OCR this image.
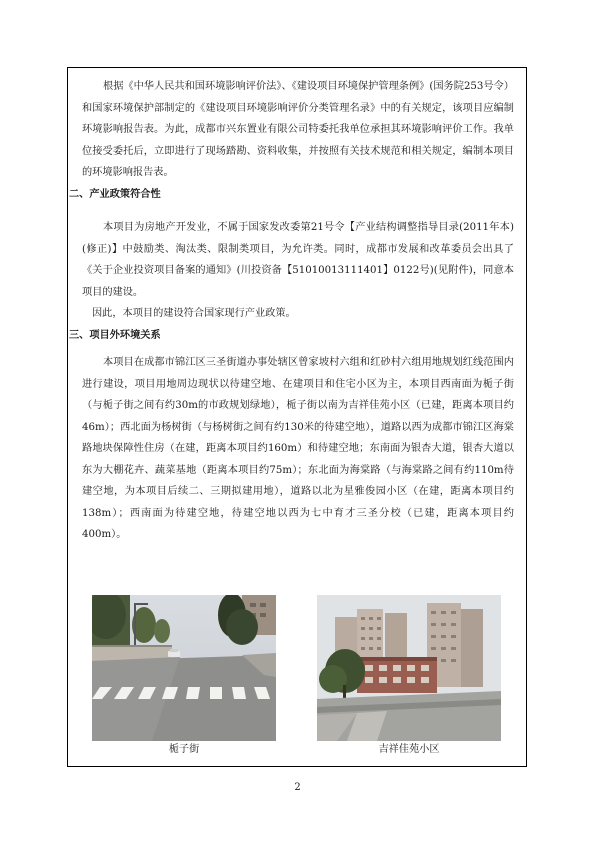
根据《中华人民共和国环境影响评价法》、《建设项目环境保护管理条例》(国务院253号令）和国家环境保护部制定的《建设项目环境影响评价分类管理名录》中的有关规定，该项目应编制环境影响报告表。为此，成都市兴东置业有限公司特委托我单位承担其环境影响评价工作。我单位接受委托后，立即进行了现场踏勘、资料收集，并按照有关技术规范和相关规定，编制本项目的环境影响报告表。

二、产业政策符合性

本项目为房地产开发业，不属于国家发改委第21号令【产业结构调整指导目录(2011年本)(修正)】中鼓励类、淘汰类、限制类项目，为允许类。同时，成都市发展和改革委员会出具了《关于企业投资项目备案的通知》(川投资备【51010013111401】0122号)(见附件)，同意本项目的建设。

因此，本项目的建设符合国家现行产业政策。

三、项目外环境关系

本项目在成都市锦江区三圣街道办事处辖区曾家坡村六组和红砂村六组用地规划红线范围内进行建设，项目用地周边现状以待建空地、在建项目和住宅小区为主，本项目西南面为栀子街（与栀子街之间有约30m的市政规划绿地），栀子街以南为吉祥佳苑小区（已建，距离本项目约46m）；西北面为杨树街（与杨树街之间有约130米的待建空地），道路以西为成都市锦江区海棠路地块保障性住房（在建，距离本项目约160m）和待建空地；东南面为银杏大道，银杏大道以东为大棚花卉、蔬菜基地（距离本项目约75m）；东北面为海棠路（与海棠路之间有约110m待建空地，为本项目后续二、三期拟建用地），道路以北为星雅俊园小区（在建，距离本项目约138m）；西南面为待建空地，待建空地以西为七中育才三圣分校（已建，距离本项目约400m）。

栀子街	吉祥佳苑小区
2
